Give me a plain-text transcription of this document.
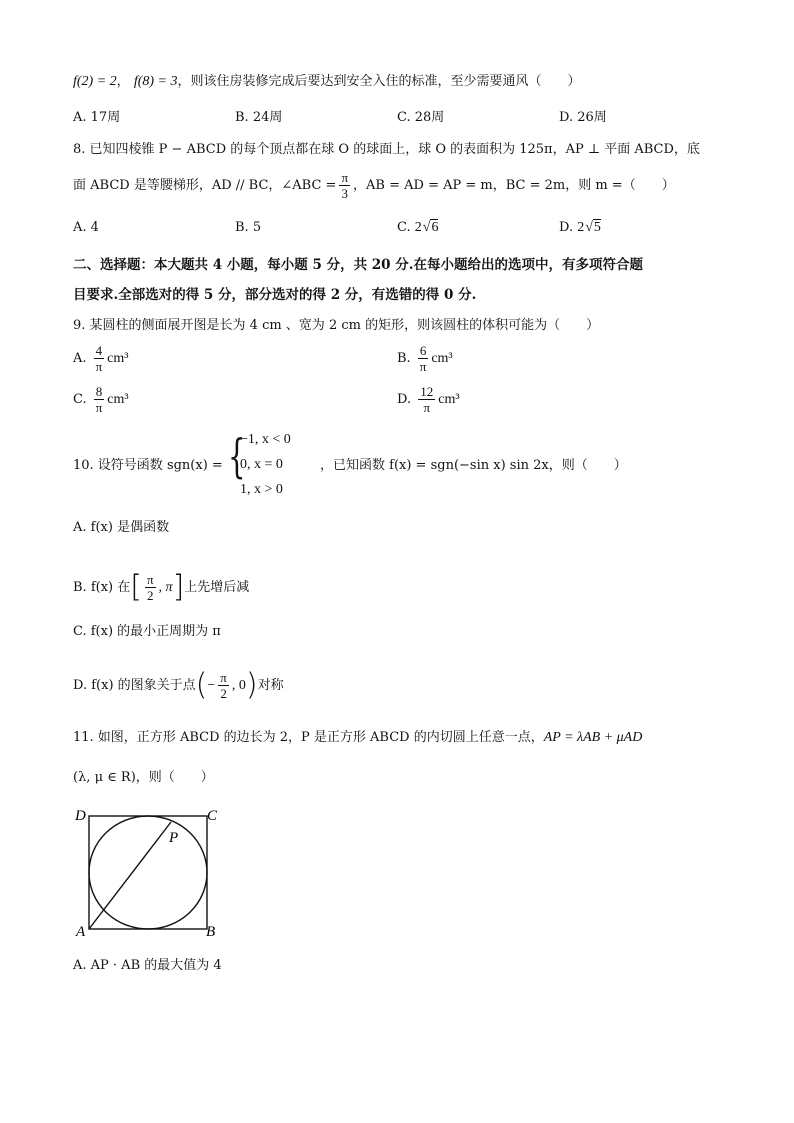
f(2) = 2， f(8) = 3，则该住房装修完成后要达到安全入住的标准，至少需要通风（　　）
A. 17周	B. 24周	C. 28周	D. 26周
8. 已知四棱锥 P − ABCD 的每个顶点都在球 O 的球面上，球 O 的表面积为 125π，AP ⊥ 平面 ABCD，底
面 ABCD 是等腰梯形，AD // BC，∠ABC = $\frac{\pi}{3}$ ，AB = AD = AP = m，BC = 2m，则 m =（　　）
A. 4	B. 5	C. 2√6	D. 2√5
二、选择题：本大题共 4 小题，每小题 5 分，共 20 分.在每小题给出的选项中，有多项符合题
目要求.全部选对的得 5 分，部分选对的得 2 分，有选错的得 0 分.
9. 某圆柱的侧面展开图是长为 4 cm 、宽为 2 cm 的矩形，则该圆柱的体积可能为（　　）
A. $\frac{4}{\pi} cm^3$	B. $\frac{6}{\pi} cm^3$
C. $\frac{8}{\pi} cm^3$	D. $\frac{12}{\pi} cm^3$
10. 设符号函数 sgn(x) = {
−1, x < 0
0, x = 0
1, x > 0
，已知函数 f(x) = sgn(−sin x) sin 2x，则（　　）
A. f(x) 是偶函数
B. f(x) 在[ $\frac{\pi}{2}$ , π]上先增后减
C. f(x) 的最小正周期为 π
D. f(x) 的图象关于点(− $\frac{\pi}{2}$ , 0)对称
11. 如图，正方形 ABCD 的边长为 2，P 是正方形 ABCD 的内切圆上任意一点，AP = λAB + μAD
(λ, μ ∈ R)，则（　　）
D	C
P
A	B
A. AP · AB 的最大值为 4
